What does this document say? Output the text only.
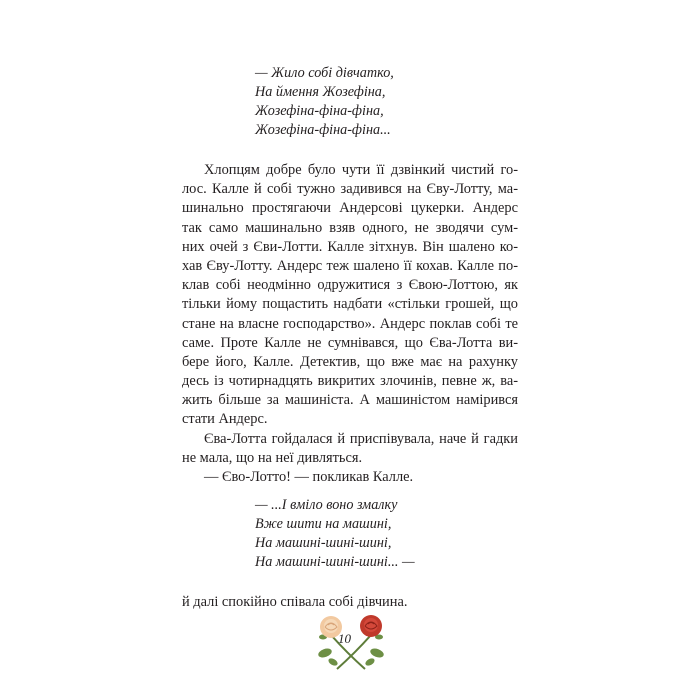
— Жило собі дівчатко,
На ймення Жозефіна,
Жозефіна-фіна-фіна,
Жозефіна-фіна-фіна...
Хлопцям добре було чути її дзвінкий чистий го-
лос. Калле й собі тужно задивився на Єву-Лотту, ма-
шинально простягаючи Андерсові цукерки. Андерс
так само машинально взяв одного, не зводячи сум-
них очей з Єви-Лотти. Калле зітхнув. Він шалено ко-
хав Єву-Лотту. Андерс теж шалено її кохав. Калле по-
клав собі неодмінно одружитися з Євою-Лоттою, як
тільки йому пощастить надбати «стільки грошей, що
стане на власне господарство». Андерс поклав собі те
саме. Проте Калле не сумнівався, що Єва-Лотта ви-
бере його, Калле. Детектив, що вже має на рахунку
десь із чотирнадцять викритих злочинів, певне ж, ва-
жить більше за машиніста. А машиністом намірився
стати Андерс.
Єва-Лотта гойдалася й приспівувала, наче й гадки
не мала, що на неї дивляться.
— Єво-Лотто! — покликав Калле.
— ...І вміло воно змалку
Вже шити на машині,
На машині-шині-шині,
На машині-шині-шині... —
й далі спокійно співала собі дівчина.
10
